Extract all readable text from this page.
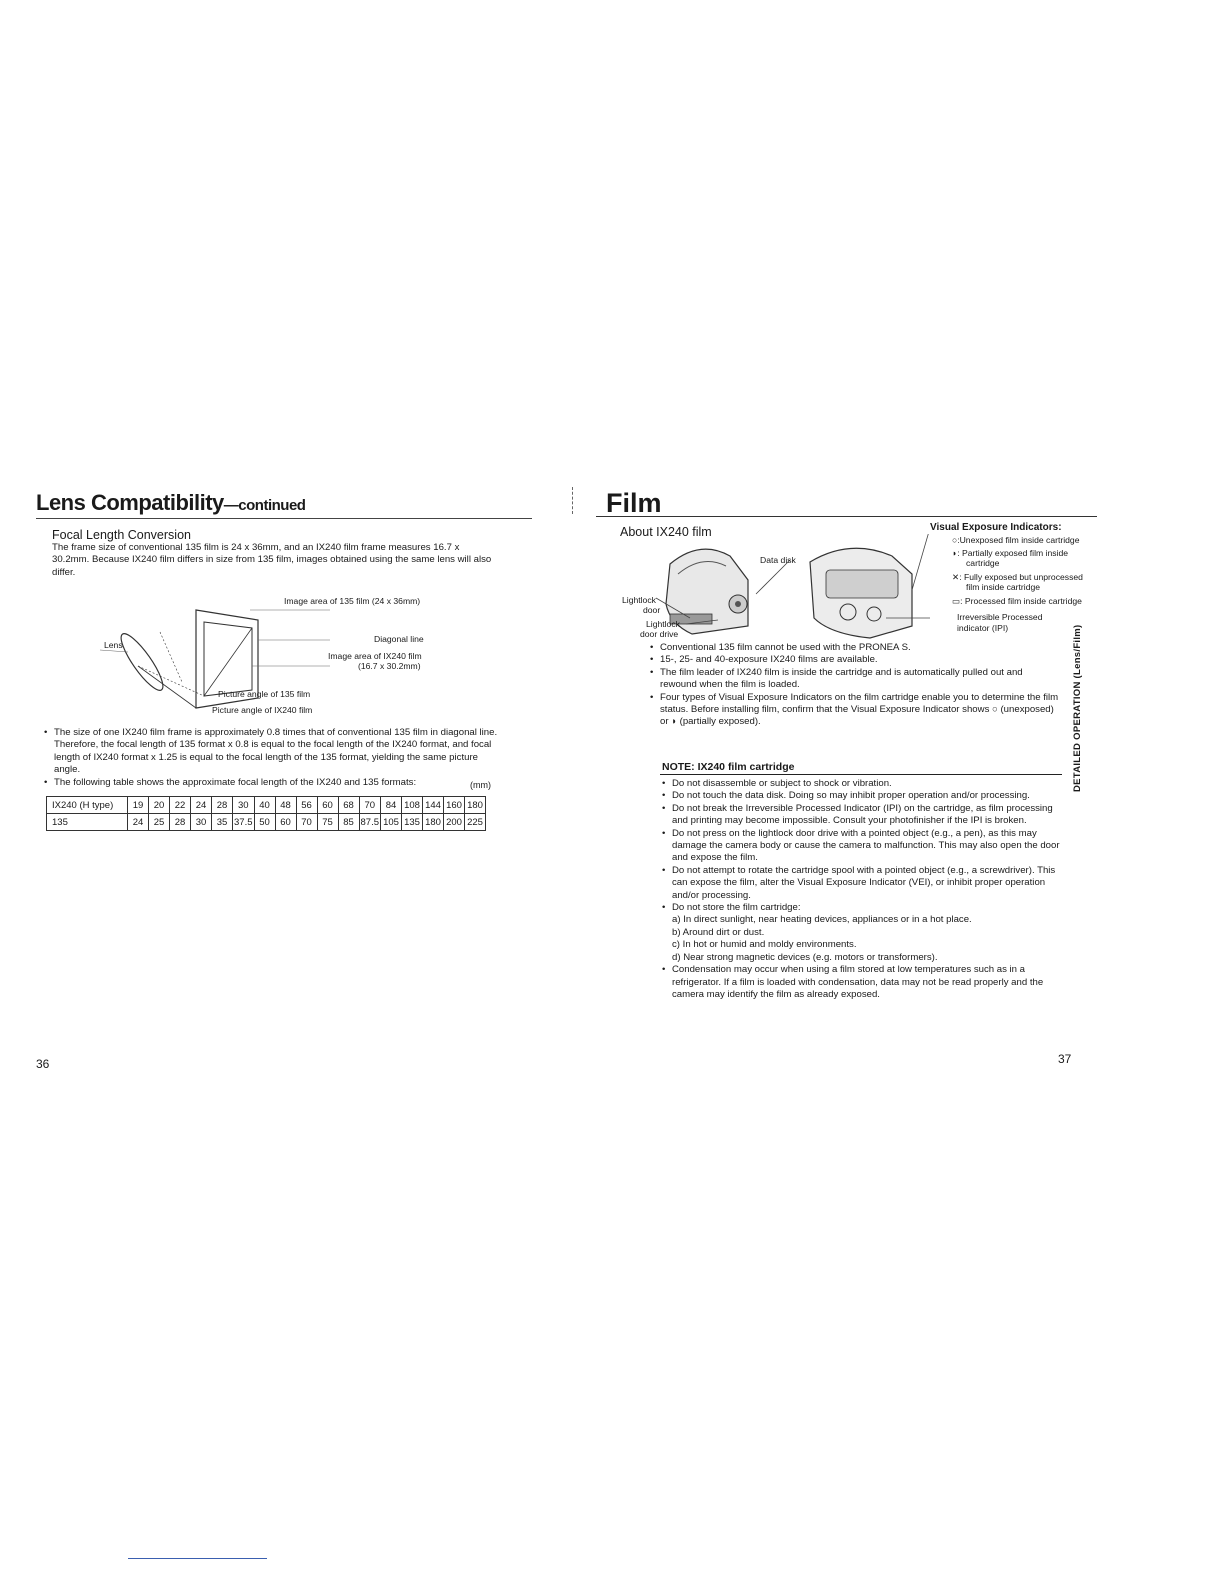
Lens Compatibility—continued
Focal Length Conversion
The frame size of conventional 135 film is 24 x 36mm, and an IX240 film frame measures 16.7 x 30.2mm. Because IX240 film differs in size from 135 film, images obtained using the same lens will also differ.
Image area of 135 film (24 x 36mm)
Diagonal line
Image area of IX240 film
(16.7 x 30.2mm)
Lens
Picture angle of 135 film
Picture angle of IX240 film
• The size of one IX240 film frame is approximately 0.8 times that of conventional 135 film in diagonal line. Therefore, the focal length of 135 format x 0.8 is equal to the focal length of the IX240 format, and focal length of IX240 format x 1.25 is equal to the focal length of the 135 format, yielding the same picture angle.
• The following table shows the approximate focal length of the IX240 and 135 formats:	(mm)
IX240 (H type)	19	20	22	24	28	30	40	48	56	60	68	70	84	108	144	160	180
135	24	25	28	30	35	37.5	50	60	70	75	85	87.5	105	135	180	200	225
36
Film
About IX240 film
Data disk
Lightlock
door
Lightlock
door drive
Visual Exposure Indicators:
○:Unexposed film inside cartridge
◗: Partially exposed film inside
cartridge
✕: Fully exposed but unprocessed
film inside cartridge
▭: Processed film inside cartridge
Irreversible Processed
indicator (IPI)
• Conventional 135 film cannot be used with the PRONEA S.
• 15-, 25- and 40-exposure IX240 films are available.
• The film leader of IX240 film is inside the cartridge and is automatically pulled out and rewound when the film is loaded.
• Four types of Visual Exposure Indicators on the film cartridge enable you to determine the film status. Before installing film, confirm that the Visual Exposure Indicator shows ○ (unexposed) or ◗ (partially exposed).
NOTE: IX240 film cartridge
• Do not disassemble or subject to shock or vibration.
• Do not touch the data disk. Doing so may inhibit proper operation and/or processing.
• Do not break the Irreversible Processed Indicator (IPI) on the cartridge, as film processing and printing may become impossible. Consult your photofinisher if the IPI is broken.
• Do not press on the lightlock door drive with a pointed object (e.g., a pen), as this may damage the camera body or cause the camera to malfunction. This may also open the door and expose the film.
• Do not attempt to rotate the cartridge spool with a pointed object (e.g., a screwdriver). This can expose the film, alter the Visual Exposure Indicator (VEI), or inhibit proper operation and/or processing.
• Do not store the film cartridge:
a) In direct sunlight, near heating devices, appliances or in a hot place.
b) Around dirt or dust.
c) In hot or humid and moldy environments.
d) Near strong magnetic devices (e.g. motors or transformers).
• Condensation may occur when using a film stored at low temperatures such as in a refrigerator. If a film is loaded with condensation, data may not be read properly and the camera may identify the film as already exposed.
DETAILED OPERATION (Lens/Film)
37
